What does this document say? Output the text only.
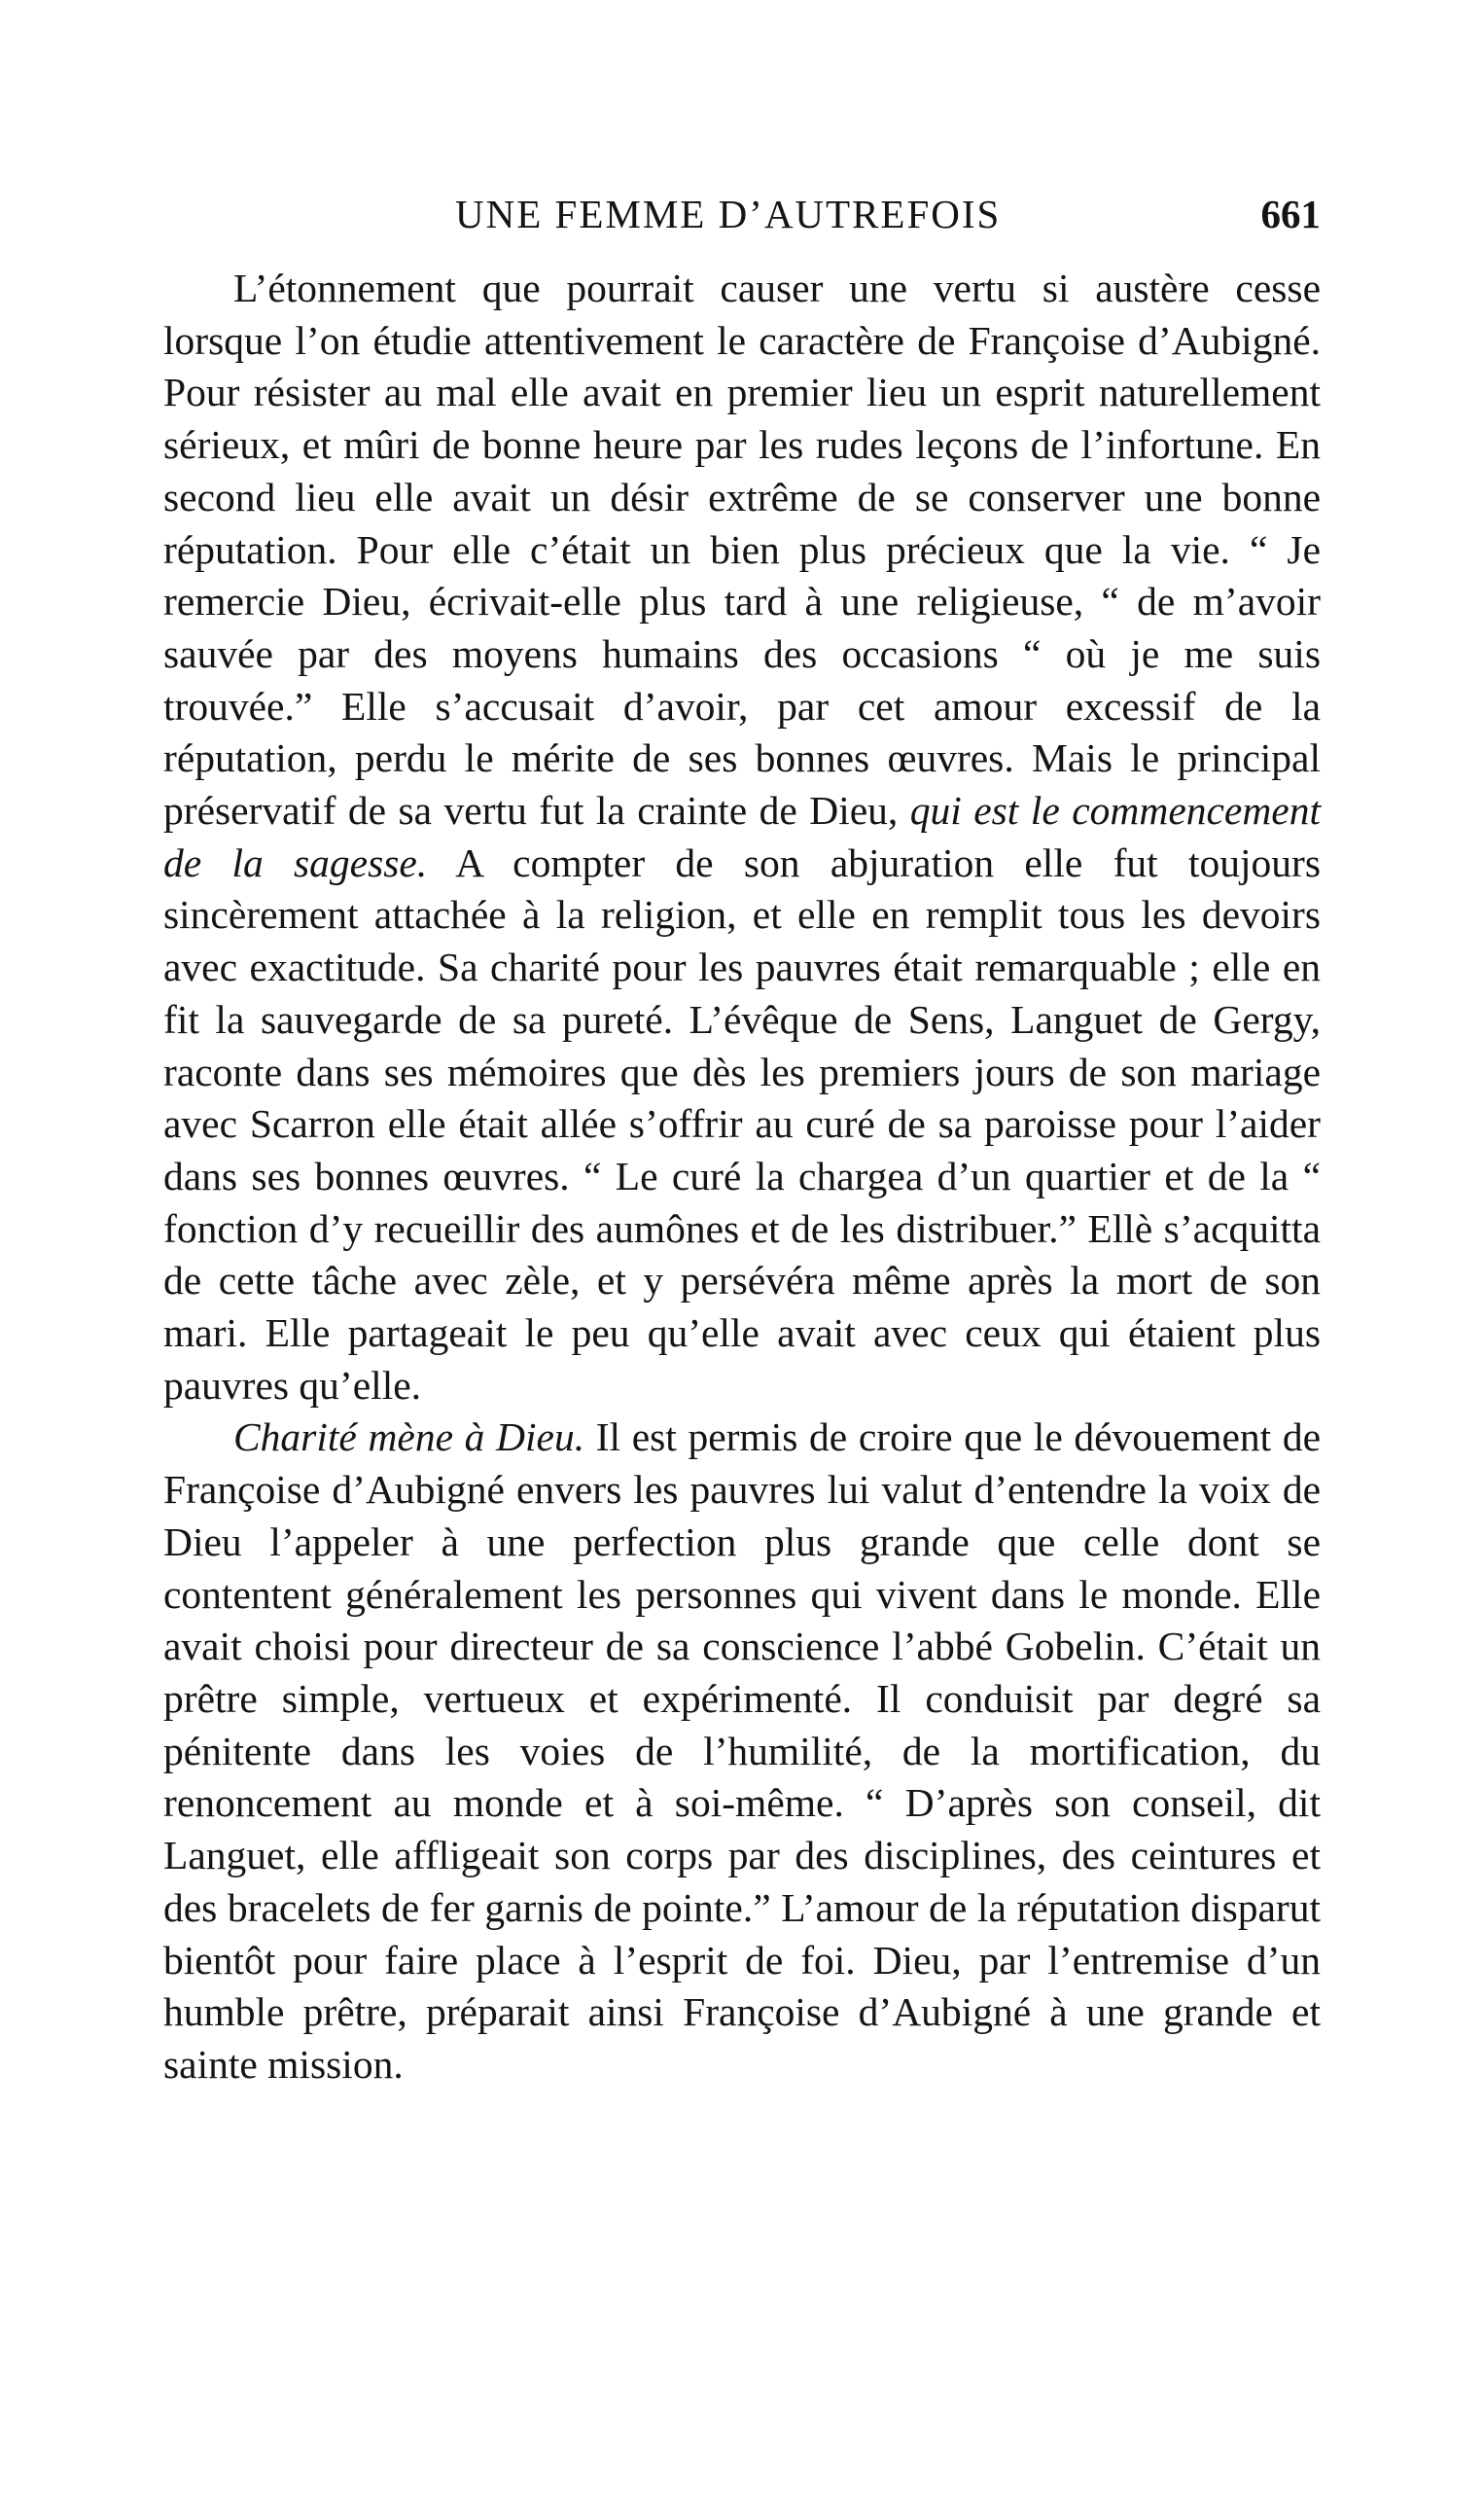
UNE FEMME D’AUTREFOIS	661

L’étonnement que pourrait causer une vertu si austère cesse lorsque l’on étudie attentivement le caractère de Françoise d’Aubigné. Pour résister au mal elle avait en premier lieu un esprit naturellement sérieux, et mûri de bonne heure par les rudes leçons de l’infortune. En second lieu elle avait un désir extrême de se conserver une bonne réputation. Pour elle c’était un bien plus précieux que la vie. “ Je remercie Dieu, écrivait-elle plus tard à une religieuse, “ de m’avoir sauvée par des moyens humains des occasions “ où je me suis trouvée.” Elle s’accusait d’avoir, par cet amour excessif de la réputation, perdu le mérite de ses bonnes œuvres. Mais le principal préservatif de sa vertu fut la crainte de Dieu, qui est le commencement de la sagesse. A compter de son abjuration elle fut toujours sincèrement attachée à la religion, et elle en remplit tous les devoirs avec exactitude. Sa charité pour les pauvres était remarquable ; elle en fit la sauvegarde de sa pureté. L’évêque de Sens, Languet de Gergy, raconte dans ses mémoires que dès les premiers jours de son mariage avec Scarron elle était allée s’offrir au curé de sa paroisse pour l’aider dans ses bonnes œuvres. “ Le curé la chargea d’un quartier et de la “ fonction d’y recueillir des aumônes et de les distribuer.” Ellè s’acquitta de cette tâche avec zèle, et y persévéra même après la mort de son mari. Elle partageait le peu qu’elle avait avec ceux qui étaient plus pauvres qu’elle.

Charité mène à Dieu. Il est permis de croire que le dévouement de Françoise d’Aubigné envers les pauvres lui valut d’entendre la voix de Dieu l’appeler à une perfection plus grande que celle dont se contentent généralement les personnes qui vivent dans le monde. Elle avait choisi pour directeur de sa conscience l’abbé Gobelin. C’était un prêtre simple, vertueux et expérimenté. Il conduisit par degré sa pénitente dans les voies de l’humilité, de la mortification, du renoncement au monde et à soi-même. “ D’après son conseil, dit Languet, elle affligeait son corps par des disciplines, des ceintures et des bracelets de fer garnis de pointe.” L’amour de la réputation disparut bientôt pour faire place à l’esprit de foi. Dieu, par l’entremise d’un humble prêtre, préparait ainsi Françoise d’Aubigné à une grande et sainte mission.
